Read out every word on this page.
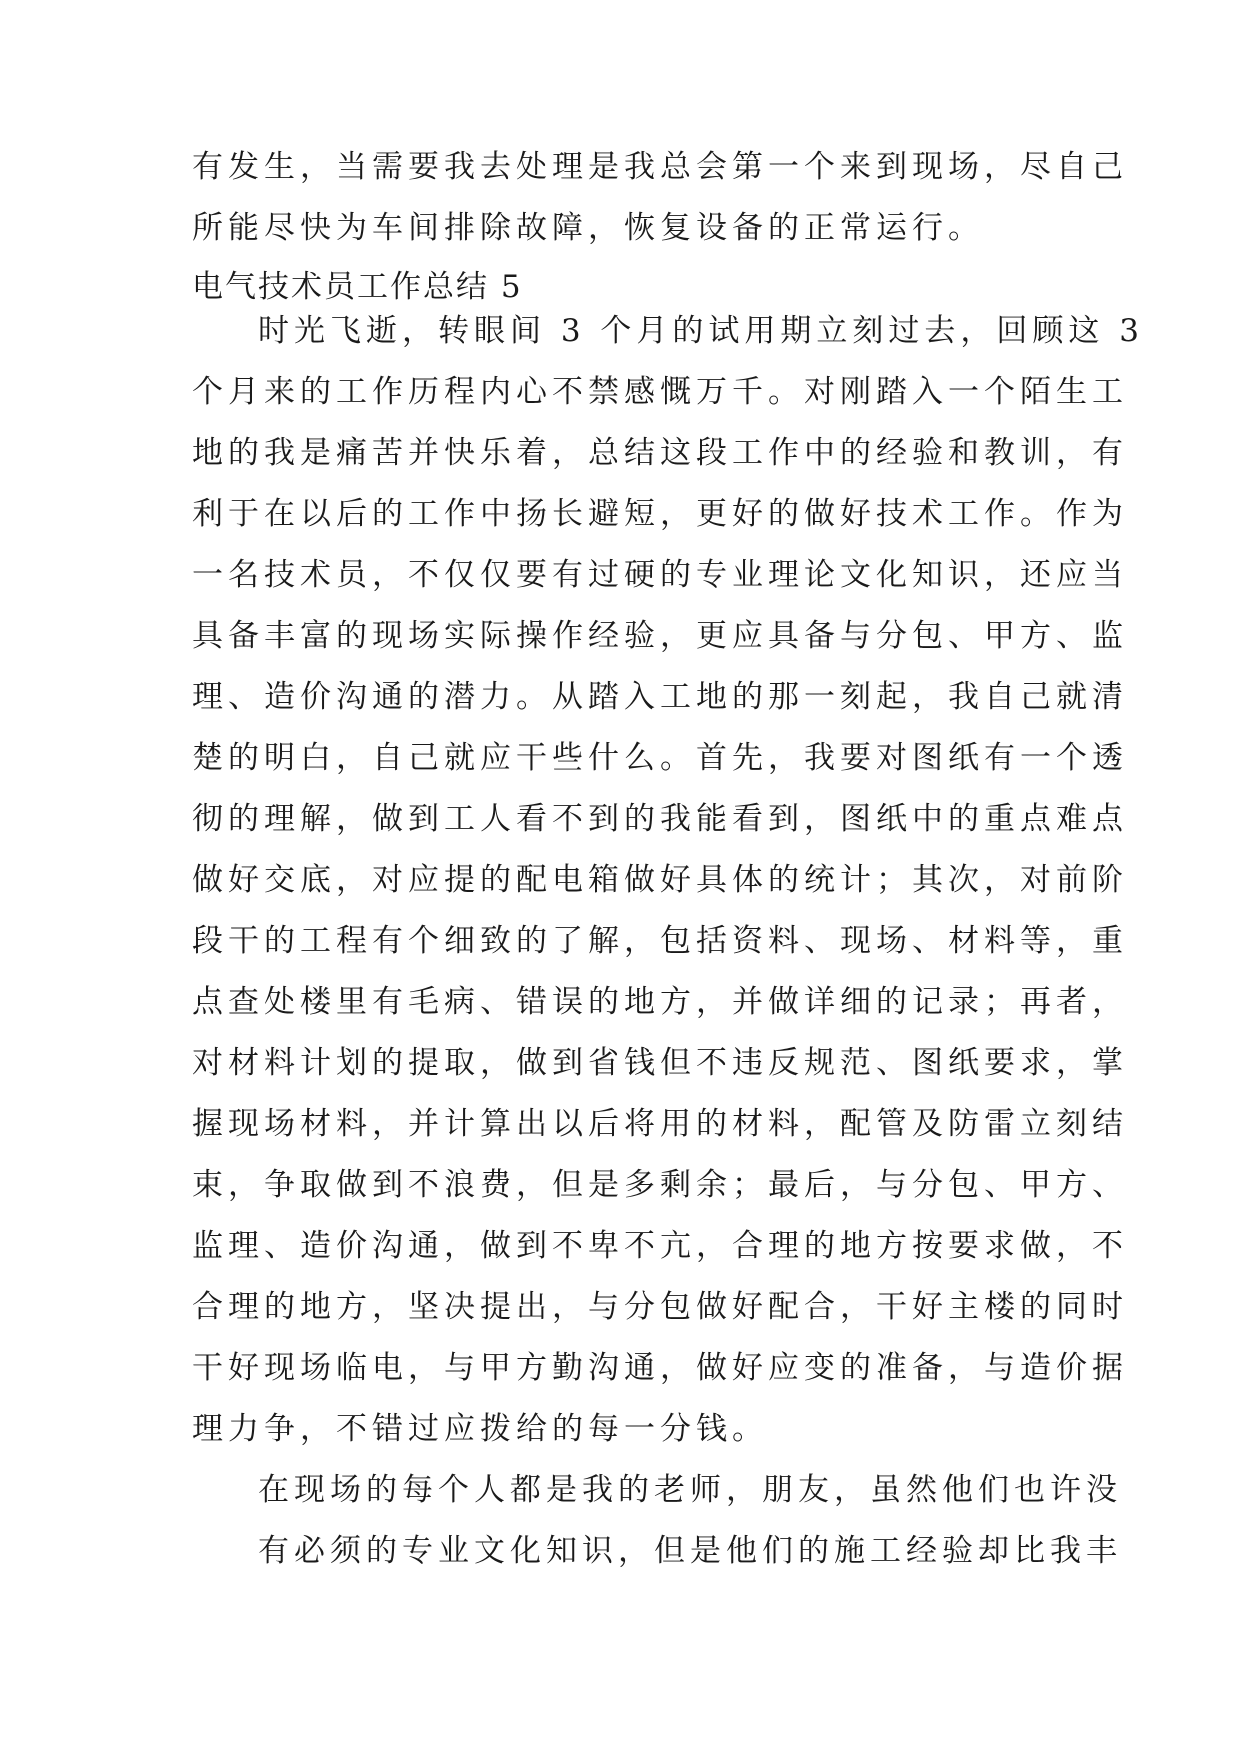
有发生，当需要我去处理是我总会第一个来到现场，尽自己
所能尽快为车间排除故障，恢复设备的正常运行。
电气技术员工作总结 5
时光飞逝，转眼间 3 个月的试用期立刻过去，回顾这 3
个月来的工作历程内心不禁感慨万千。对刚踏入一个陌生工
地的我是痛苦并快乐着，总结这段工作中的经验和教训，有
利于在以后的工作中扬长避短，更好的做好技术工作。作为
一名技术员，不仅仅要有过硬的专业理论文化知识，还应当
具备丰富的现场实际操作经验，更应具备与分包、甲方、监
理、造价沟通的潜力。从踏入工地的那一刻起，我自己就清
楚的明白，自己就应干些什么。首先，我要对图纸有一个透
彻的理解，做到工人看不到的我能看到，图纸中的重点难点
做好交底，对应提的配电箱做好具体的统计；其次，对前阶
段干的工程有个细致的了解，包括资料、现场、材料等，重
点查处楼里有毛病、错误的地方，并做详细的记录；再者，
对材料计划的提取，做到省钱但不违反规范、图纸要求，掌
握现场材料，并计算出以后将用的材料，配管及防雷立刻结
束，争取做到不浪费，但是多剩余；最后，与分包、甲方、
监理、造价沟通，做到不卑不亢，合理的地方按要求做，不
合理的地方，坚决提出，与分包做好配合，干好主楼的同时
干好现场临电，与甲方勤沟通，做好应变的准备，与造价据
理力争，不错过应拨给的每一分钱。
在现场的每个人都是我的老师，朋友，虽然他们也许没
有必须的专业文化知识，但是他们的施工经验却比我丰
